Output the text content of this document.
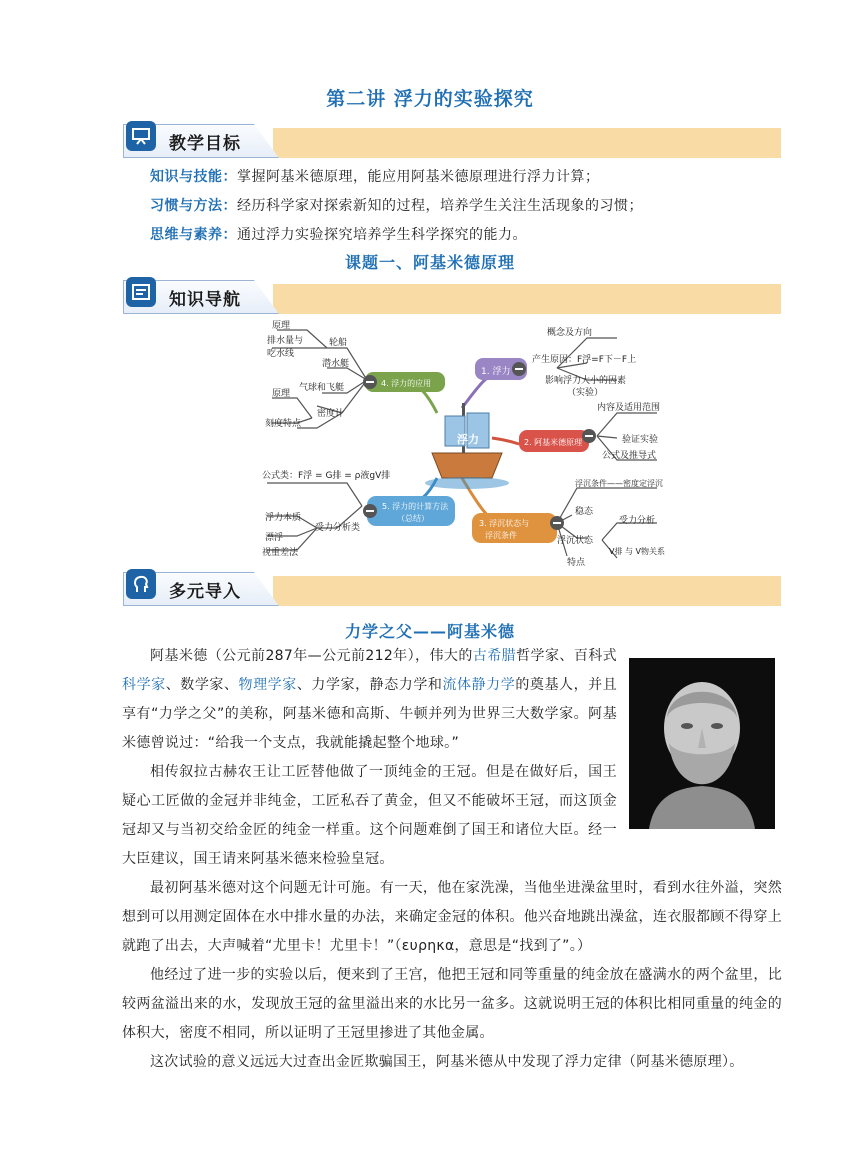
第二讲 浮力的实验探究
教学目标
知识与技能：掌握阿基米德原理，能应用阿基米德原理进行浮力计算；
习惯与方法：经历科学家对探索新知的过程，培养学生关注生活现象的习惯；
思维与素养：通过浮力实验探究培养学生科学探究的能力。
课题一、阿基米德原理
知识导航
浮力
1. 浮力
概念及方向
产生原因：F浮=F下－F上
影响浮力大小的因素
（实验）
2. 阿基米德原理
内容及适用范围
验证实验
公式及推导式
3. 浮沉状态与
浮沉条件
浮沉条件——密度定浮沉
稳态
浮沉状态
特点
受力分析
V排 与 V物关系
4. 浮力的应用
轮船
潜水艇
气球和飞艇
密度计
原理
排水量与
吃水线
原理
刻度特点
5. 浮力的计算方法
（总结）
公式类：F浮 = G排 = ρ液gV排
浮力本质
受力分析类
漂浮
视重差法
多元导入
力学之父——阿基米德
阿基米德（公元前287年—公元前212年），伟大的古希腊哲学家、百科式科学家、数学家、物理学家、力学家，静态力学和流体静力学的奠基人，并且享有“力学之父”的美称，阿基米德和高斯、牛顿并列为世界三大数学家。阿基米德曾说过：“给我一个支点，我就能撬起整个地球。”
相传叙拉古赫农王让工匠替他做了一顶纯金的王冠。但是在做好后，国王疑心工匠做的金冠并非纯金，工匠私吞了黄金，但又不能破坏王冠，而这顶金冠却又与当初交给金匠的纯金一样重。这个问题难倒了国王和诸位大臣。经一大臣建议，国王请来阿基米德来检验皇冠。
最初阿基米德对这个问题无计可施。有一天，他在家洗澡，当他坐进澡盆里时，看到水往外溢，突然想到可以用测定固体在水中排水量的办法，来确定金冠的体积。他兴奋地跳出澡盆，连衣服都顾不得穿上就跑了出去，大声喊着“尤里卡！尤里卡！”（ευρηκα，意思是“找到了”。）
他经过了进一步的实验以后，便来到了王宫，他把王冠和同等重量的纯金放在盛满水的两个盆里，比较两盆溢出来的水，发现放王冠的盆里溢出来的水比另一盆多。这就说明王冠的体积比相同重量的纯金的体积大，密度不相同，所以证明了王冠里掺进了其他金属。
这次试验的意义远远大过查出金匠欺骗国王，阿基米德从中发现了浮力定律（阿基米德原理）。
